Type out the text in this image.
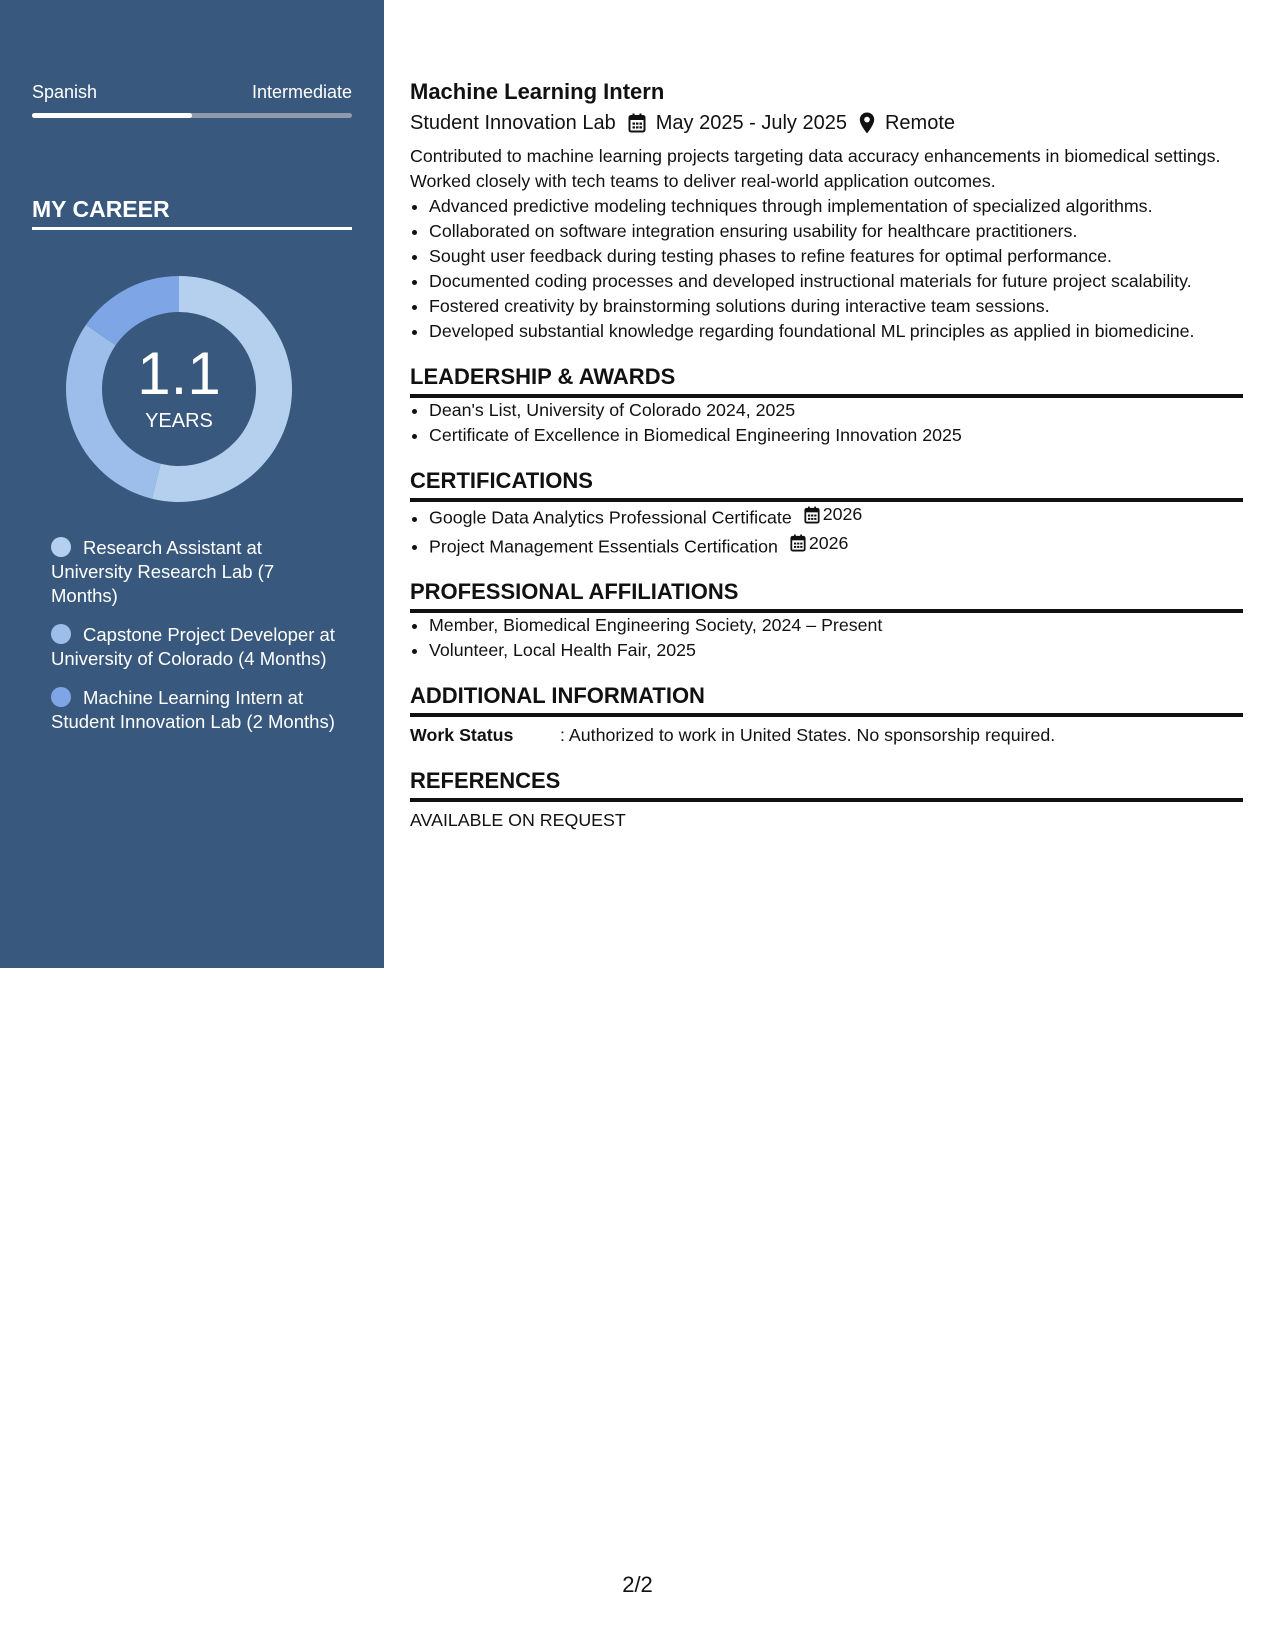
Spanish	Intermediate
MY CAREER
1.1
YEARS
Research Assistant at University Research Lab (7 Months)
Capstone Project Developer at University of Colorado (4 Months)
Machine Learning Intern at Student Innovation Lab (2 Months)
Machine Learning Intern
Student Innovation Lab May 2025 - July 2025 Remote
Contributed to machine learning projects targeting data accuracy enhancements in biomedical settings. Worked closely with tech teams to deliver real-world application outcomes.
• Advanced predictive modeling techniques through implementation of specialized algorithms.
• Collaborated on software integration ensuring usability for healthcare practitioners.
• Sought user feedback during testing phases to refine features for optimal performance.
• Documented coding processes and developed instructional materials for future project scalability.
• Fostered creativity by brainstorming solutions during interactive team sessions.
• Developed substantial knowledge regarding foundational ML principles as applied in biomedicine.
LEADERSHIP & AWARDS
• Dean's List, University of Colorado 2024, 2025
• Certificate of Excellence in Biomedical Engineering Innovation 2025
CERTIFICATIONS
• Google Data Analytics Professional Certificate 2026
• Project Management Essentials Certification 2026
PROFESSIONAL AFFILIATIONS
• Member, Biomedical Engineering Society, 2024 – Present
• Volunteer, Local Health Fair, 2025
ADDITIONAL INFORMATION
Work Status	: Authorized to work in United States. No sponsorship required.
REFERENCES
AVAILABLE ON REQUEST
2/2
